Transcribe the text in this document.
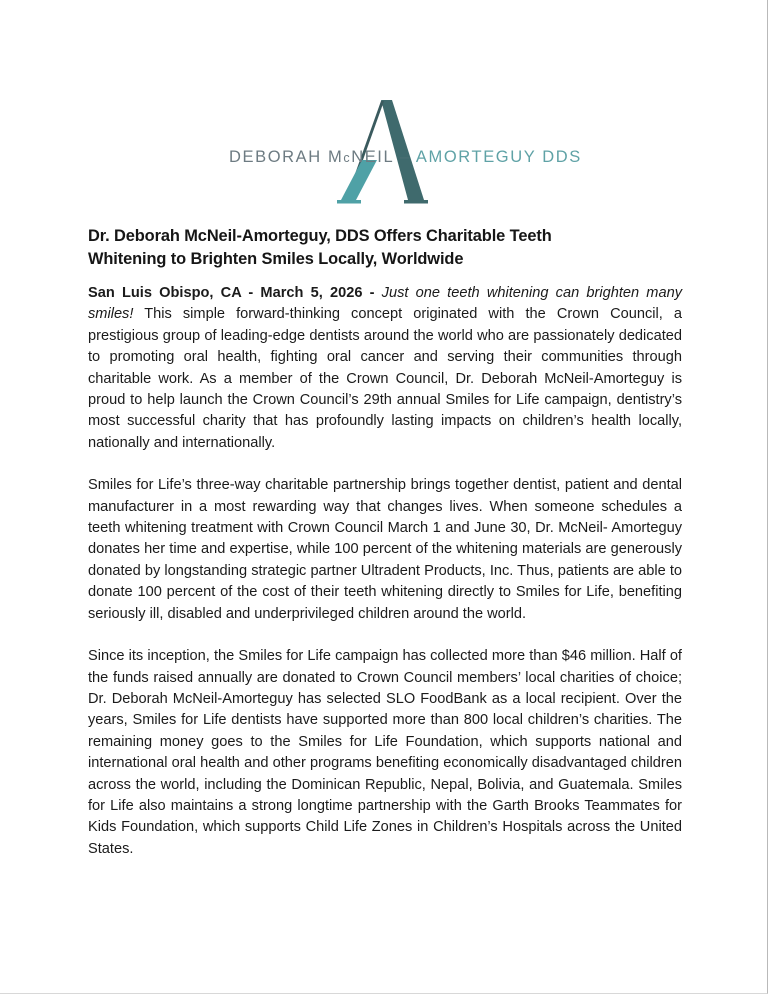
DEBORAH McNEIL – AMORTEGUY DDS
Dr. Deborah McNeil-Amorteguy, DDS Offers Charitable Teeth
Whitening to Brighten Smiles Locally, Worldwide

San Luis Obispo, CA - March 5, 2026 - Just one teeth whitening can brighten many smiles! This simple forward-thinking concept originated with the Crown Council, a prestigious group of leading-edge dentists around the world who are passionately dedicated to promoting oral health, fighting oral cancer and serving their communities through charitable work. As a member of the Crown Council, Dr. Deborah McNeil-Amorteguy is proud to help launch the Crown Council’s 29th annual Smiles for Life campaign, dentistry’s most successful charity that has profoundly lasting impacts on children’s health locally, nationally and internationally.

Smiles for Life’s three-way charitable partnership brings together dentist, patient and dental manufacturer in a most rewarding way that changes lives. When someone schedules a teeth whitening treatment with Crown Council March 1 and June 30, Dr. McNeil- Amorteguy donates her time and expertise, while 100 percent of the whitening materials are generously donated by longstanding strategic partner Ultradent Products, Inc. Thus, patients are able to donate 100 percent of the cost of their teeth whitening directly to Smiles for Life, benefiting seriously ill, disabled and underprivileged children around the world.

Since its inception, the Smiles for Life campaign has collected more than $46 million. Half of the funds raised annually are donated to Crown Council members’ local charities of choice; Dr. Deborah McNeil-Amorteguy has selected SLO FoodBank as a local recipient. Over the years, Smiles for Life dentists have supported more than 800 local children’s charities. The remaining money goes to the Smiles for Life Foundation, which supports national and international oral health and other programs benefiting economically disadvantaged children across the world, including the Dominican Republic, Nepal, Bolivia, and Guatemala. Smiles for Life also maintains a strong longtime partnership with the Garth Brooks Teammates for Kids Foundation, which supports Child Life Zones in Children’s Hospitals across the United States.
